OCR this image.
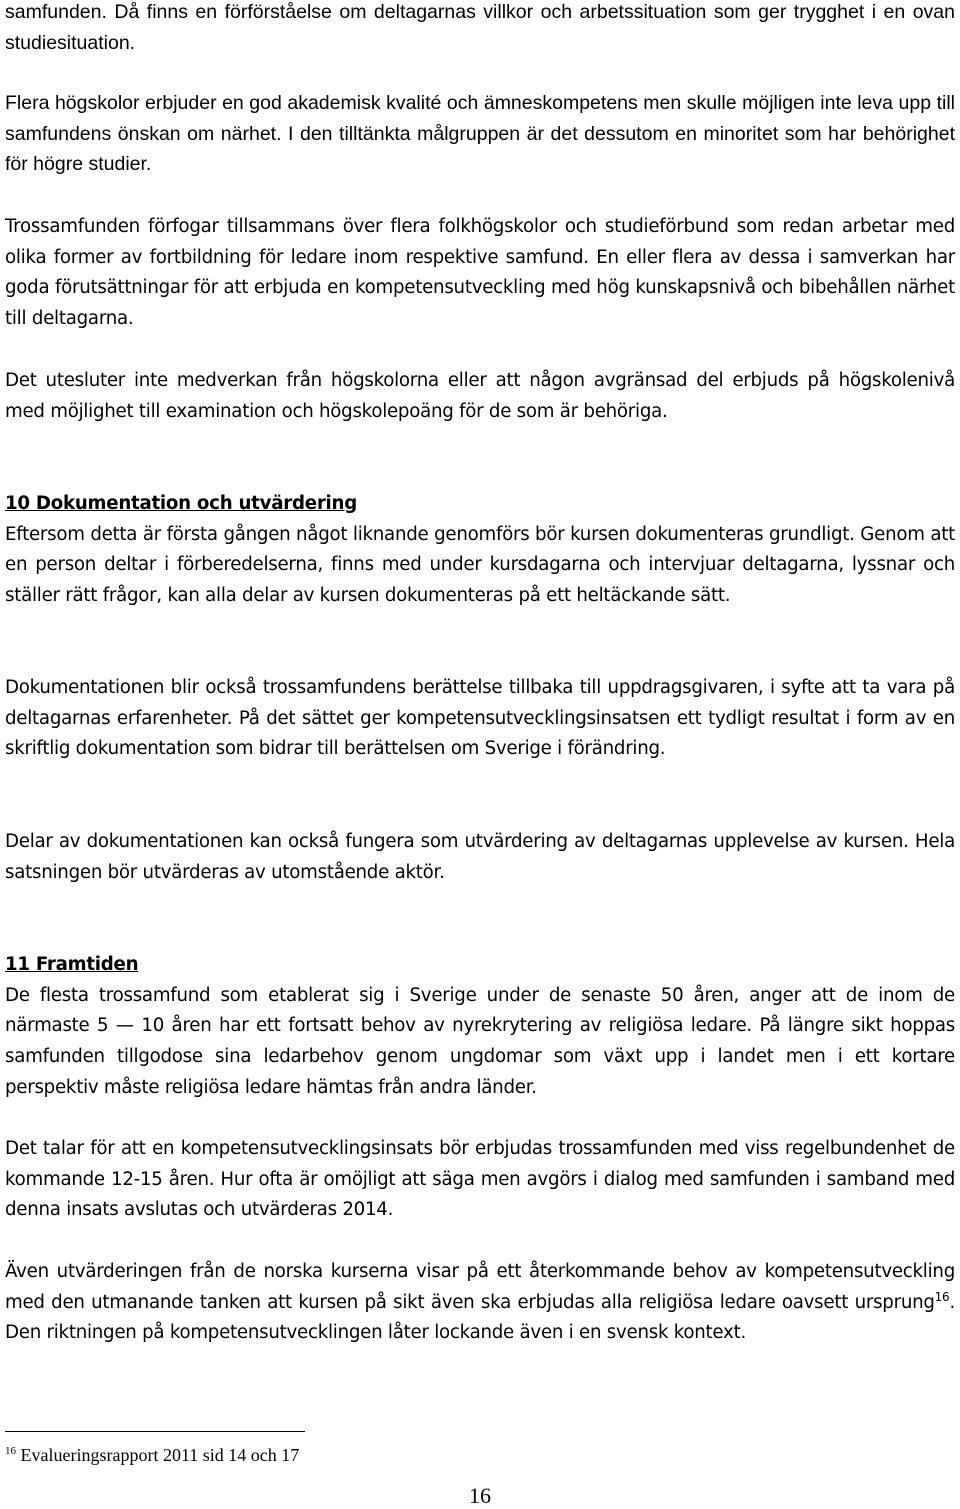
samfunden. Då finns en förförståelse om deltagarnas villkor och arbetssituation som ger trygghet i en ovan studiesituation.

Flera högskolor erbjuder en god akademisk kvalité och ämneskompetens men skulle möjligen inte leva upp till samfundens önskan om närhet. I den tilltänkta målgruppen är det dessutom en minoritet som har behörighet för högre studier.

Trossamfunden förfogar tillsammans över flera folkhögskolor och studieförbund som redan arbetar med olika former av fortbildning för ledare inom respektive samfund. En eller flera av dessa i samverkan har goda förutsättningar för att erbjuda en kompetensutveckling med hög kunskapsnivå och bibehållen närhet till deltagarna.

Det utesluter inte medverkan från högskolorna eller att någon avgränsad del erbjuds på högskolenivå med möjlighet till examination och högskolepoäng för de som är behöriga.

10 Dokumentation och utvärdering

Eftersom detta är första gången något liknande genomförs bör kursen dokumenteras grundligt. Genom att en person deltar i förberedelserna, finns med under kursdagarna och intervjuar deltagarna, lyssnar och ställer rätt frågor, kan alla delar av kursen dokumenteras på ett heltäckande sätt.

Dokumentationen blir också trossamfundens berättelse tillbaka till uppdragsgivaren, i syfte att ta vara på deltagarnas erfarenheter. På det sättet ger kompetensutvecklingsinsatsen ett tydligt resultat i form av en skriftlig dokumentation som bidrar till berättelsen om Sverige i förändring.

Delar av dokumentationen kan också fungera som utvärdering av deltagarnas upplevelse av kursen. Hela satsningen bör utvärderas av utomstående aktör.

11 Framtiden

De flesta trossamfund som etablerat sig i Sverige under de senaste 50 åren, anger att de inom de närmaste 5 — 10 åren har ett fortsatt behov av nyrekrytering av religiösa ledare. På längre sikt hoppas samfunden tillgodose sina ledarbehov genom ungdomar som växt upp i landet men i ett kortare perspektiv måste religiösa ledare hämtas från andra länder.

Det talar för att en kompetensutvecklingsinsats bör erbjudas trossamfunden med viss regelbundenhet de kommande 12-15 åren. Hur ofta är omöjligt att säga men avgörs i dialog med samfunden i samband med denna insats avslutas och utvärderas 2014.

Även utvärderingen från de norska kurserna visar på ett återkommande behov av kompetensutveckling med den utmanande tanken att kursen på sikt även ska erbjudas alla religiösa ledare oavsett ursprung$^{16}$. Den riktningen på kompetensutvecklingen låter lockande även i en svensk kontext.

$^{16}$ Evalueringsrapport 2011 sid 14 och 17
16
